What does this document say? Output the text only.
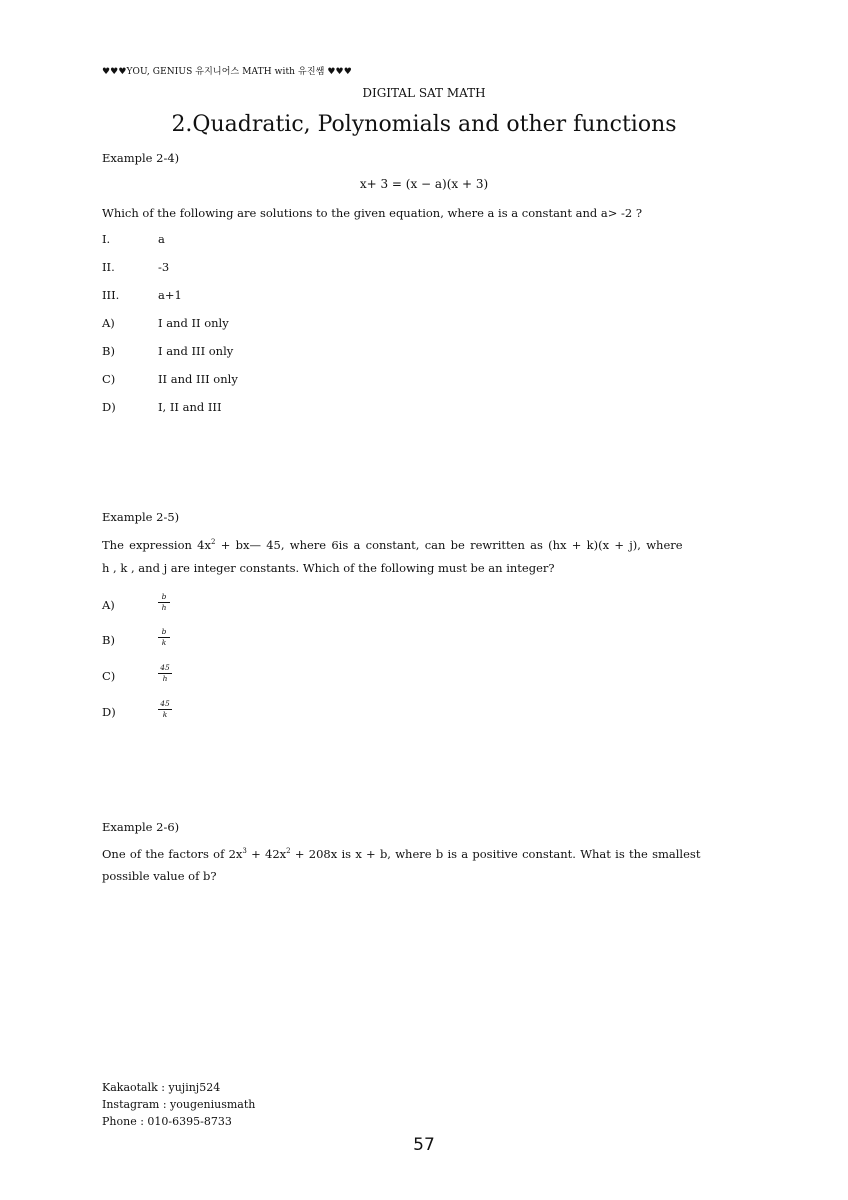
♥♥♥YOU, GENIUS 유지니어스 MATH with 유진쌤 ♥♥♥
DIGITAL SAT MATH
2.Quadratic, Polynomials and other functions
Example 2-4)
x+ 3 = (x − a)(x + 3)
Which of the following are solutions to the given equation, where a is a constant and a> -2 ?
I.	a
II.	-3
III.	a+1
A)	I and II only
B)	I and III only
C)	II and III only
D)	I, II and III
Example 2-5)
The expression $4x^2$ + bx— 45, where 6is a constant, can be rewritten as (hx + k)(x + j), where
h , k , and j are integer constants. Which of the following must be an integer?
A)
b
h
B)
b
k
C)
45
h
D)
45
k
Example 2-6)
One of the factors of $2x^3 + 42x^2 + 208x$ is x + b, where b is a positive constant. What is the smallest
possible value of b?
Kakaotalk : yujinj524
Instagram : yougeniusmath
Phone : 010-6395-8733
57
